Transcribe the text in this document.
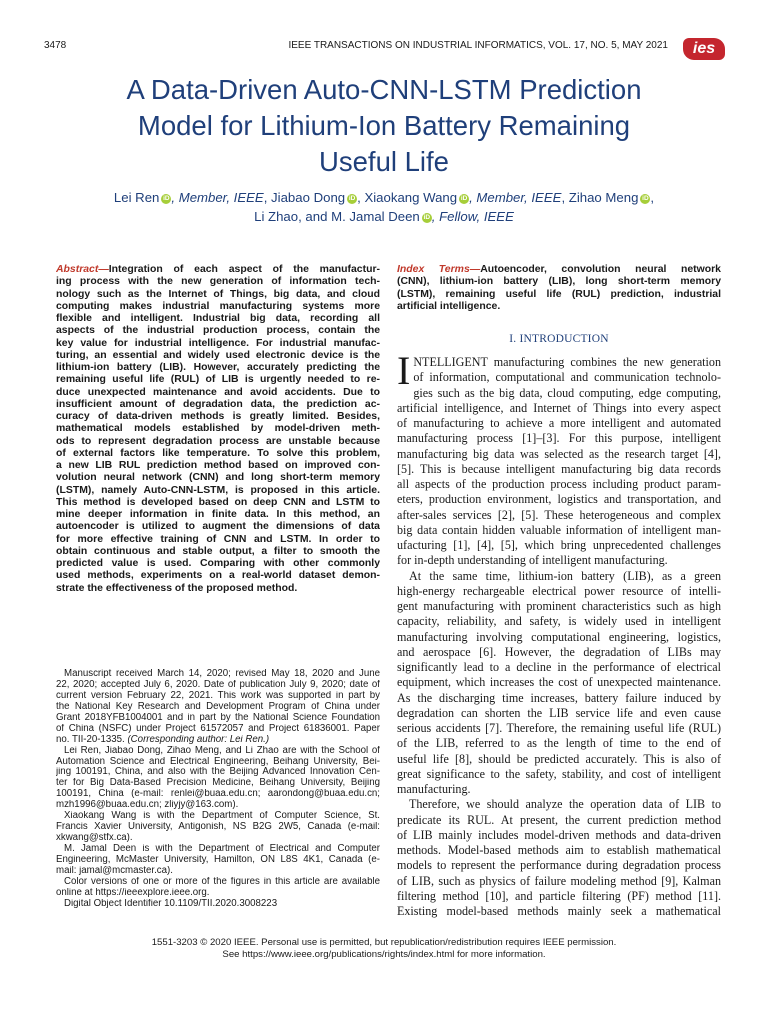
3478	IEEE TRANSACTIONS ON INDUSTRIAL INFORMATICS, VOL. 17, NO. 5, MAY 2021	ies
A Data-Driven Auto-CNN-LSTM Prediction
Model for Lithium-Ion Battery Remaining
Useful Life
Lei Ren iD , Member, IEEE, Jiabao Dong iD , Xiaokang Wang iD , Member, IEEE, Zihao Meng iD ,
Li Zhao, and M. Jamal Deen iD , Fellow, IEEE
Abstract—Integration of each aspect of the manufactur-
ing process with the new generation of information tech-
nology such as the Internet of Things, big data, and cloud
computing makes industrial manufacturing systems more
flexible and intelligent. Industrial big data, recording all
aspects of the industrial production process, contain the
key value for industrial intelligence. For industrial manufac-
turing, an essential and widely used electronic device is the
lithium-ion battery (LIB). However, accurately predicting the
remaining useful life (RUL) of LIB is urgently needed to re-
duce unexpected maintenance and avoid accidents. Due to
insufficient amount of degradation data, the prediction ac-
curacy of data-driven methods is greatly limited. Besides,
mathematical models established by model-driven meth-
ods to represent degradation process are unstable because
of external factors like temperature. To solve this problem,
a new LIB RUL prediction method based on improved con-
volution neural network (CNN) and long short-term memory
(LSTM), namely Auto-CNN-LSTM, is proposed in this article.
This method is developed based on deep CNN and LSTM to
mine deeper information in finite data. In this method, an
autoencoder is utilized to augment the dimensions of data
for more effective training of CNN and LSTM. In order to
obtain continuous and stable output, a filter to smooth the
predicted value is used. Comparing with other commonly
used methods, experiments on a real-world dataset demon-
strate the effectiveness of the proposed method.
Index Terms—Autoencoder, convolution neural network
(CNN), lithium-ion battery (LIB), long short-term memory
(LSTM), remaining useful life (RUL) prediction, industrial
artificial intelligence.
I. INTRODUCTION
I NTELLIGENT manufacturing combines the new generation
of information, computational and communication technolo-
gies such as the big data, cloud computing, edge computing,
artificial intelligence, and Internet of Things into every aspect
of manufacturing to achieve a more intelligent and automated
manufacturing process [1]–[3]. For this purpose, intelligent
manufacturing big data was selected as the research target [4],
[5]. This is because intelligent manufacturing big data records
all aspects of the production process including product param-
eters, production environment, logistics and transportation, and
after-sales services [2], [5]. These heterogeneous and complex
big data contain hidden valuable information of intelligent man-
ufacturing [1], [4], [5], which bring unprecedented challenges
for in-depth understanding of intelligent manufacturing.
At the same time, lithium-ion battery (LIB), as a green
high-energy rechargeable electrical power resource of intelli-
gent manufacturing with prominent characteristics such as high
capacity, reliability, and safety, is widely used in intelligent
manufacturing involving computational engineering, logistics,
and aerospace [6]. However, the degradation of LIBs may
significantly lead to a decline in the performance of electrical
equipment, which increases the cost of unexpected maintenance.
As the discharging time increases, battery failure induced by
degradation can shorten the LIB service life and even cause
serious accidents [7]. Therefore, the remaining useful life (RUL)
of the LIB, referred to as the length of time to the end of
useful life [8], should be predicted accurately. This is also of
great significance to the safety, stability, and cost of intelligent
manufacturing.
Therefore, we should analyze the operation data of LIB to
predicate its RUL. At present, the current prediction method
of LIB mainly includes model-driven methods and data-driven
methods. Model-based methods aim to establish mathematical
models to represent the performance during degradation process
of LIB, such as physics of failure modeling method [9], Kalman
filtering method [10], and particle filtering (PF) method [11].
Existing model-based methods mainly seek a mathematical
Manuscript received March 14, 2020; revised May 18, 2020 and June
22, 2020; accepted July 6, 2020. Date of publication July 9, 2020; date of
current version February 22, 2021. This work was supported in part by
the National Key Research and Development Program of China under
Grant 2018YFB1004001 and in part by the National Science Foundation
of China (NSFC) under Project 61572057 and Project 61836001. Paper
no. TII-20-1335. (Corresponding author: Lei Ren.)
Lei Ren, Jiabao Dong, Zihao Meng, and Li Zhao are with the School of
Automation Science and Electrical Engineering, Beihang University, Bei-
jing 100191, China, and also with the Beijing Advanced Innovation Cen-
ter for Big Data-Based Precision Medicine, Beihang University, Beijing
100191, China (e-mail: renlei@buaa.edu.cn; aarondong@buaa.edu.cn;
mzh1996@buaa.edu.cn; zliyjy@163.com).
Xiaokang Wang is with the Department of Computer Science, St.
Francis Xavier University, Antigonish, NS B2G 2W5, Canada (e-mail:
xkwang@stfx.ca).
M. Jamal Deen is with the Department of Electrical and Computer
Engineering, McMaster University, Hamilton, ON L8S 4K1, Canada (e-
mail: jamal@mcmaster.ca).
Color versions of one or more of the figures in this article are available
online at https://ieeexplore.ieee.org.
Digital Object Identifier 10.1109/TII.2020.3008223
1551-3203 © 2020 IEEE. Personal use is permitted, but republication/redistribution requires IEEE permission.
See https://www.ieee.org/publications/rights/index.html for more information.
